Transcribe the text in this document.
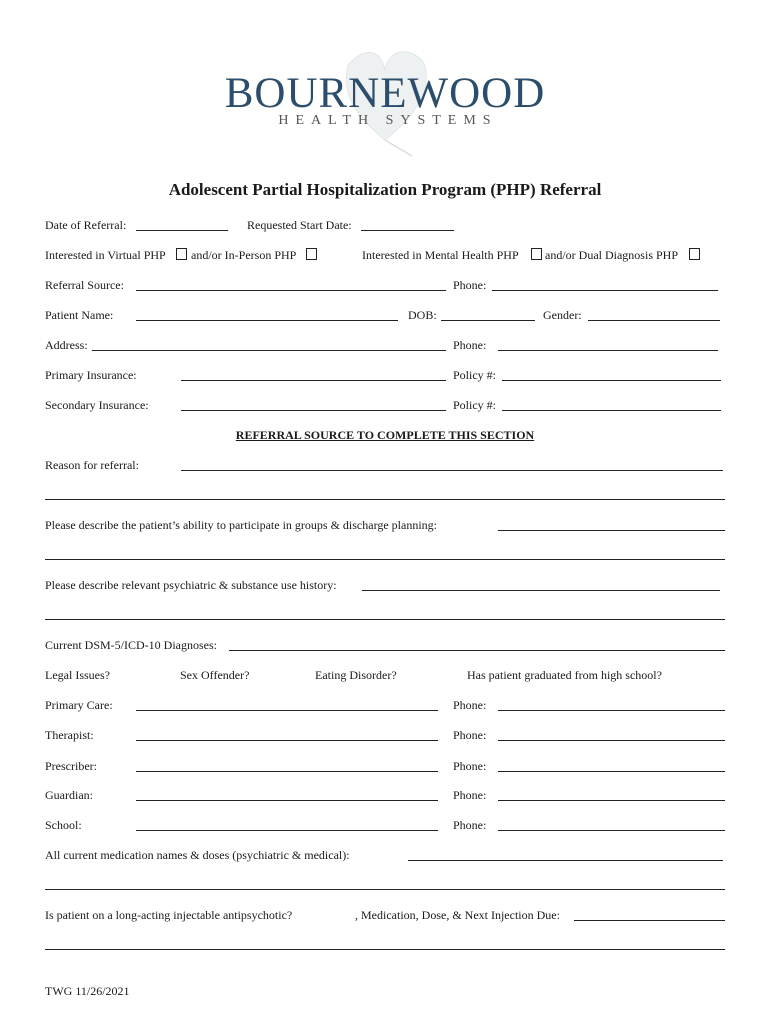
BOURNEWOOD
HEALTH SYSTEMS
Adolescent Partial Hospitalization Program (PHP) Referral
Date of Referral:	Requested Start Date:
Interested in Virtual PHP and/or In-Person PHP	Interested in Mental Health PHP and/or Dual Diagnosis PHP
Referral Source:	Phone:
Patient Name:	DOB:	Gender:
Address:	Phone:
Primary Insurance:	Policy #:
Secondary Insurance:	Policy #:
REFERRAL SOURCE TO COMPLETE THIS SECTION
Reason for referral:
Please describe the patient’s ability to participate in groups & discharge planning:
Please describe relevant psychiatric & substance use history:
Current DSM-5/ICD-10 Diagnoses:
Legal Issues?	Sex Offender?	Eating Disorder?	Has patient graduated from high school?
Primary Care:	Phone:
Therapist:	Phone:
Prescriber:	Phone:
Guardian:	Phone:
School:	Phone:
All current medication names & doses (psychiatric & medical):
Is patient on a long-acting injectable antipsychotic?	, Medication, Dose, & Next Injection Due:
TWG 11/26/2021
